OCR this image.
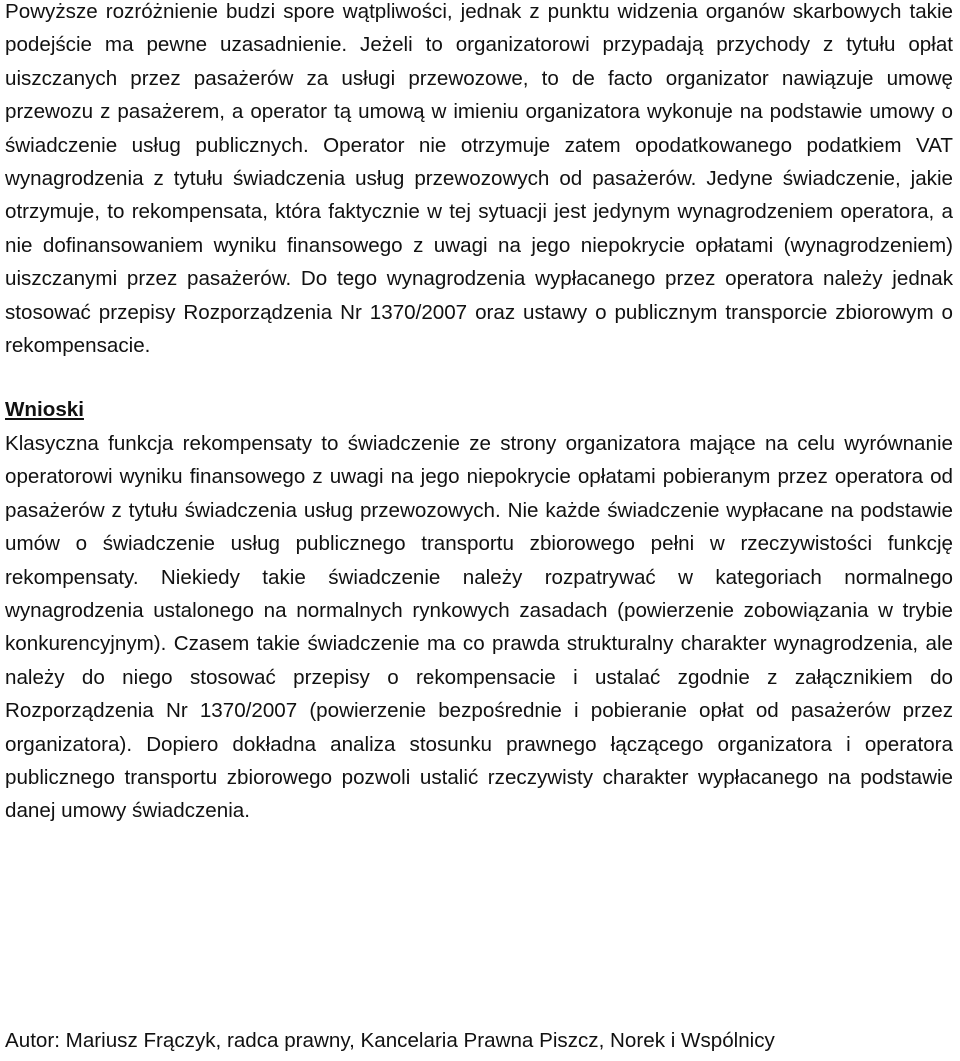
Powyższe rozróżnienie budzi spore wątpliwości, jednak z punktu widzenia organów skarbowych takie podejście ma pewne uzasadnienie. Jeżeli to organizatorowi przypadają przychody z tytułu opłat uiszczanych przez pasażerów za usługi przewozowe, to de facto organizator nawiązuje umowę przewozu z pasażerem, a operator tą umową w imieniu organizatora wykonuje na podstawie umowy o świadczenie usług publicznych. Operator nie otrzymuje zatem opodatkowanego podatkiem VAT wynagrodzenia z tytułu świadczenia usług przewozowych od pasażerów. Jedyne świadczenie, jakie otrzymuje, to rekompensata, która faktycznie w tej sytuacji jest jedynym wynagrodzeniem operatora, a nie dofinansowaniem wyniku finansowego z uwagi na jego niepokrycie opłatami (wynagrodzeniem) uiszczanymi przez pasażerów. Do tego wynagrodzenia wypłacanego przez operatora należy jednak stosować przepisy Rozporządzenia Nr 1370/2007 oraz ustawy o publicznym transporcie zbiorowym o rekompensacie.

Wnioski

Klasyczna funkcja rekompensaty to świadczenie ze strony organizatora mające na celu wyrównanie operatorowi wyniku finansowego z uwagi na jego niepokrycie opłatami pobieranym przez operatora od pasażerów z tytułu świadczenia usług przewozowych. Nie każde świadczenie wypłacane na podstawie umów o świadczenie usług publicznego transportu zbiorowego pełni w rzeczywistości funkcję rekompensaty. Niekiedy takie świadczenie należy rozpatrywać w kategoriach normalnego wynagrodzenia ustalonego na normalnych rynkowych zasadach (powierzenie zobowiązania w trybie konkurencyjnym). Czasem takie świadczenie ma co prawda strukturalny charakter wynagrodzenia, ale należy do niego stosować przepisy o rekompensacie i ustalać zgodnie z załącznikiem do Rozporządzenia Nr 1370/2007 (powierzenie bezpośrednie i pobieranie opłat od pasażerów przez organizatora). Dopiero dokładna analiza stosunku prawnego łączącego organizatora i operatora publicznego transportu zbiorowego pozwoli ustalić rzeczywisty charakter wypłacanego na podstawie danej umowy świadczenia.

Autor: Mariusz Frączyk, radca prawny, Kancelaria Prawna Piszcz, Norek i Wspólnicy
